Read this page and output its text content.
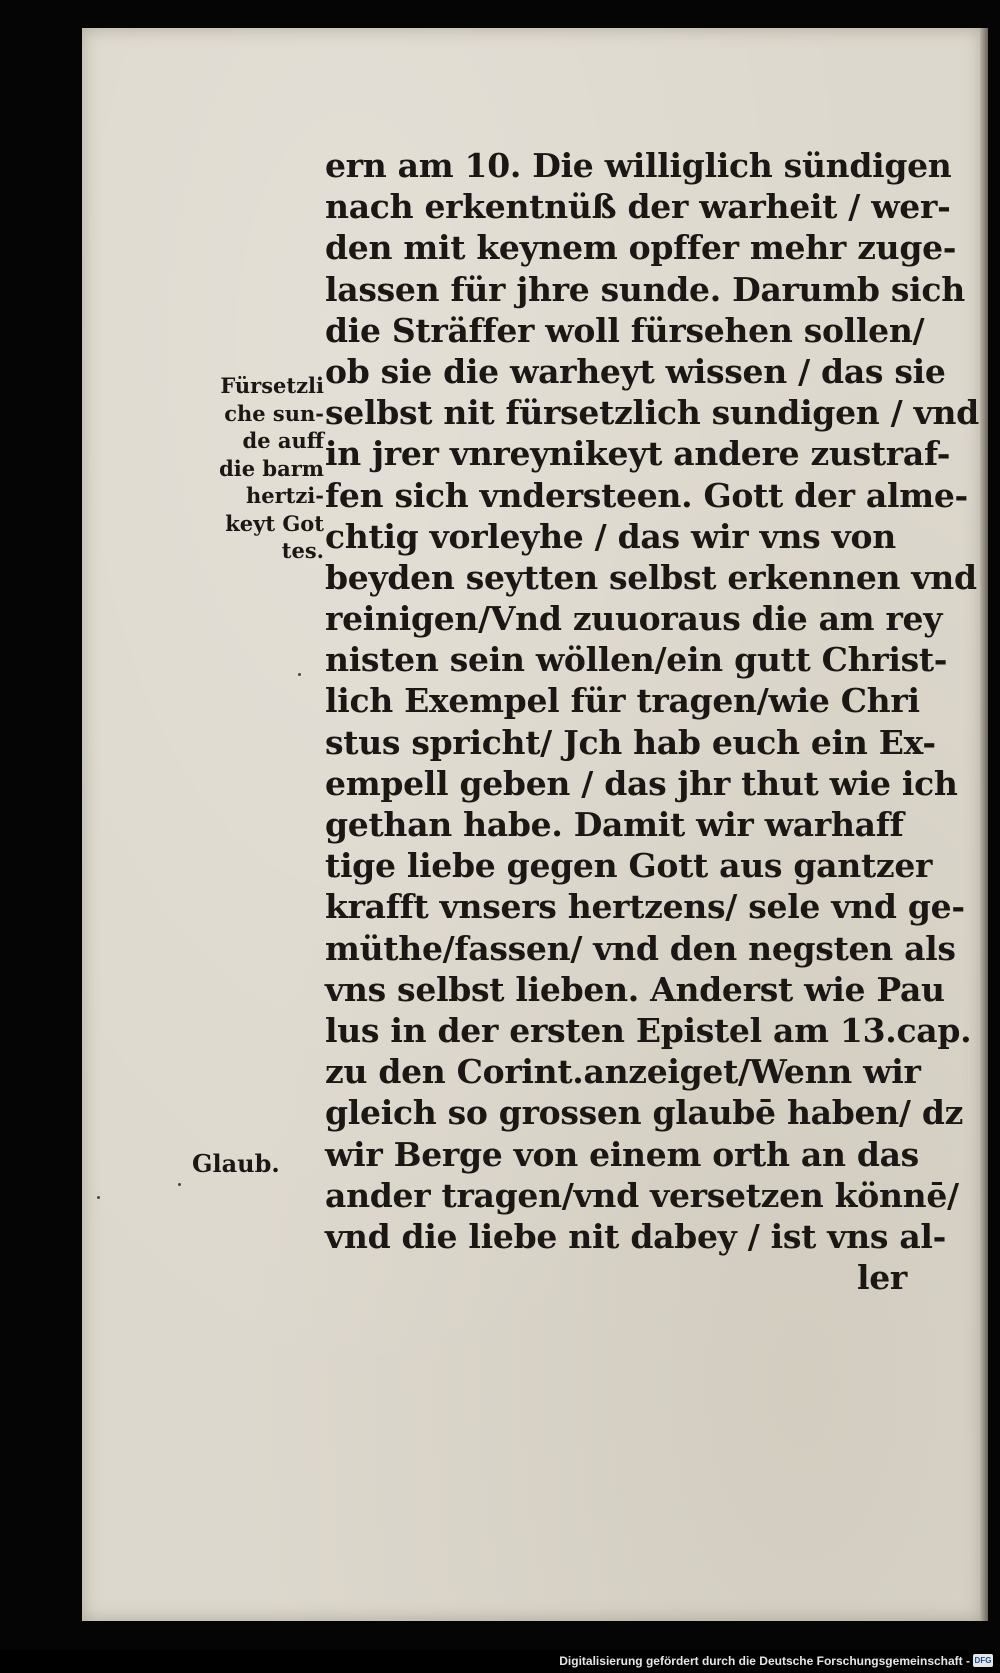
Fürsetzli
che sun-
de auff
die barm
hertzi-
keyt Got
tes.
Glaub.
ern am 10. Die williglich sündigen
nach erkentnüß der warheit / wer-
den mit keynem opffer mehr zuge-
lassen für jhre sunde. Darumb sich
die Sträffer woll fürsehen sollen/
ob sie die warheyt wissen / das sie
selbst nit fürsetzlich sundigen / vnd
in jrer vnreynikeyt andere zustraf-
fen sich vndersteen. Gott der alme-
chtig vorleyhe / das wir vns von
beyden seytten selbst erkennen vnd
reinigen/Vnd zuuoraus die am rey
nisten sein wöllen/ein gutt Christ-
lich Exempel für tragen/wie Chri
stus spricht/ Jch hab euch ein Ex-
empell geben / das jhr thut wie ich
gethan habe. Damit wir warhaff
tige liebe gegen Gott aus gantzer
krafft vnsers hertzens/ sele vnd ge-
müthe/fassen/ vnd den negsten als
vns selbst lieben. Anderst wie Pau
lus in der ersten Epistel am 13.cap.
zu den Corint.anzeiget/Wenn wir
gleich so grossen glaubē haben/ dz
wir Berge von einem orth an das
ander tragen/vnd versetzen könnē/
vnd die liebe nit dabey / ist vns al-
ler
Digitalisierung gefördert durch die Deutsche Forschungsgemeinschaft - DFG
